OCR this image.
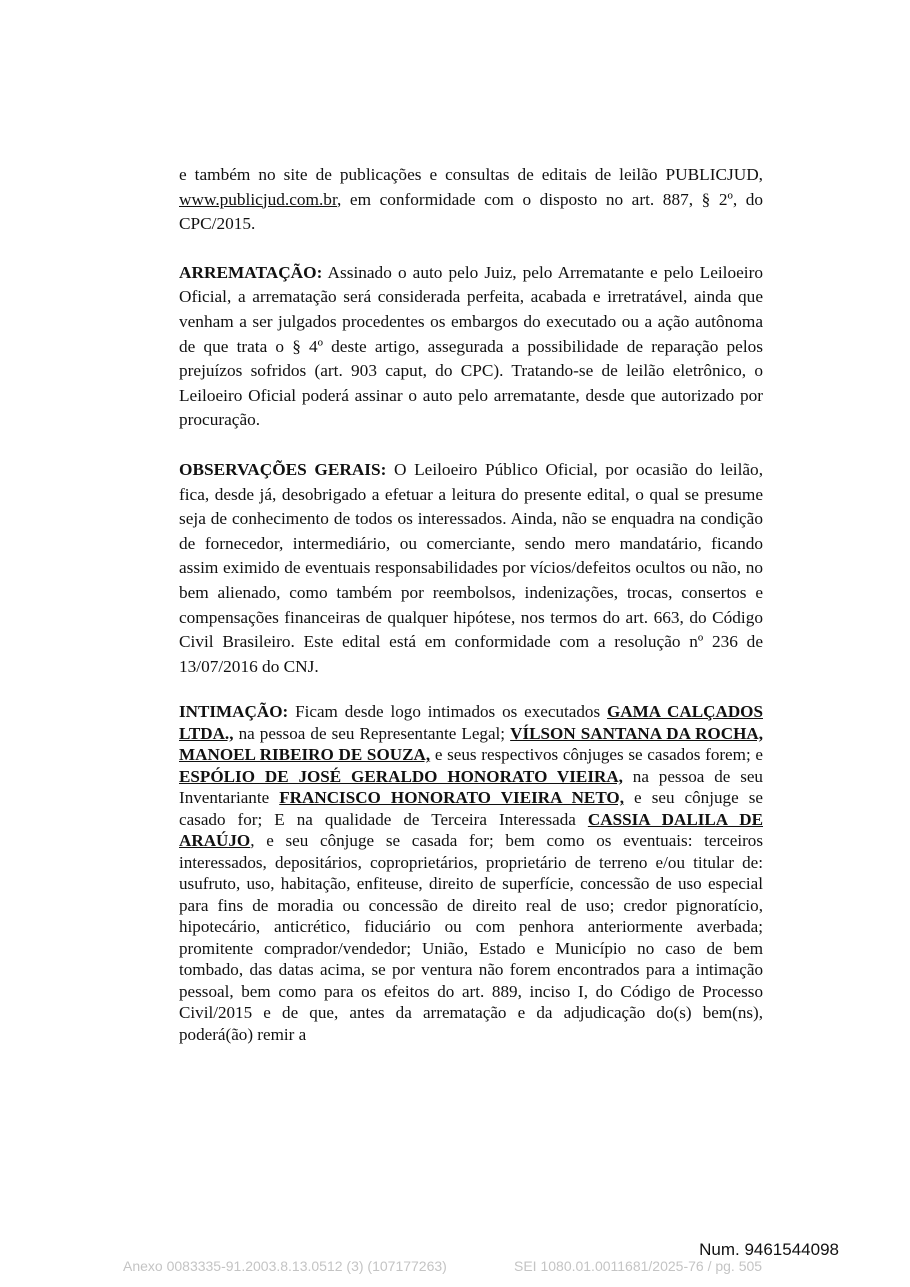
e também no site de publicações e consultas de editais de leilão PUBLICJUD, www.publicjud.com.br, em conformidade com o disposto no art. 887, § 2º, do CPC/2015.

ARREMATAÇÃO: Assinado o auto pelo Juiz, pelo Arrematante e pelo Leiloeiro Oficial, a arrematação será considerada perfeita, acabada e irretratável, ainda que venham a ser julgados procedentes os embargos do executado ou a ação autônoma de que trata o § 4º deste artigo, assegurada a possibilidade de reparação pelos prejuízos sofridos (art. 903 caput, do CPC). Tratando-se de leilão eletrônico, o Leiloeiro Oficial poderá assinar o auto pelo arrematante, desde que autorizado por procuração.

OBSERVAÇÕES GERAIS: O Leiloeiro Público Oficial, por ocasião do leilão, fica, desde já, desobrigado a efetuar a leitura do presente edital, o qual se presume seja de conhecimento de todos os interessados. Ainda, não se enquadra na condição de fornecedor, intermediário, ou comerciante, sendo mero mandatário, ficando assim eximido de eventuais responsabilidades por vícios/defeitos ocultos ou não, no bem alienado, como também por reembolsos, indenizações, trocas, consertos e compensações financeiras de qualquer hipótese, nos termos do art. 663, do Código Civil Brasileiro. Este edital está em conformidade com a resolução nº 236 de 13/07/2016 do CNJ.

INTIMAÇÃO: Ficam desde logo intimados os executados GAMA CALÇADOS LTDA., na pessoa de seu Representante Legal; VÍLSON SANTANA DA ROCHA, MANOEL RIBEIRO DE SOUZA, e seus respectivos cônjuges se casados forem; e ESPÓLIO DE JOSÉ GERALDO HONORATO VIEIRA, na pessoa de seu Inventariante FRANCISCO HONORATO VIEIRA NETO, e seu cônjuge se casado for; E na qualidade de Terceira Interessada CASSIA DALILA DE ARAÚJO, e seu cônjuge se casada for; bem como os eventuais: terceiros interessados, depositários, coproprietários, proprietário de terreno e/ou titular de: usufruto, uso, habitação, enfiteuse, direito de superfície, concessão de uso especial para fins de moradia ou concessão de direito real de uso; credor pignoratício, hipotecário, anticrético, fiduciário ou com penhora anteriormente averbada; promitente comprador/vendedor; União, Estado e Município no caso de bem tombado, das datas acima, se por ventura não forem encontrados para a intimação pessoal, bem como para os efeitos do art. 889, inciso I, do Código de Processo Civil/2015 e de que, antes da arrematação e da adjudicação do(s) bem(ns), poderá(ão) remir a

Num. 9461544098
Anexo 0083335-91.2003.8.13.0512 (3) (107177263)	SEI 1080.01.0011681/2025-76 / pg. 505
